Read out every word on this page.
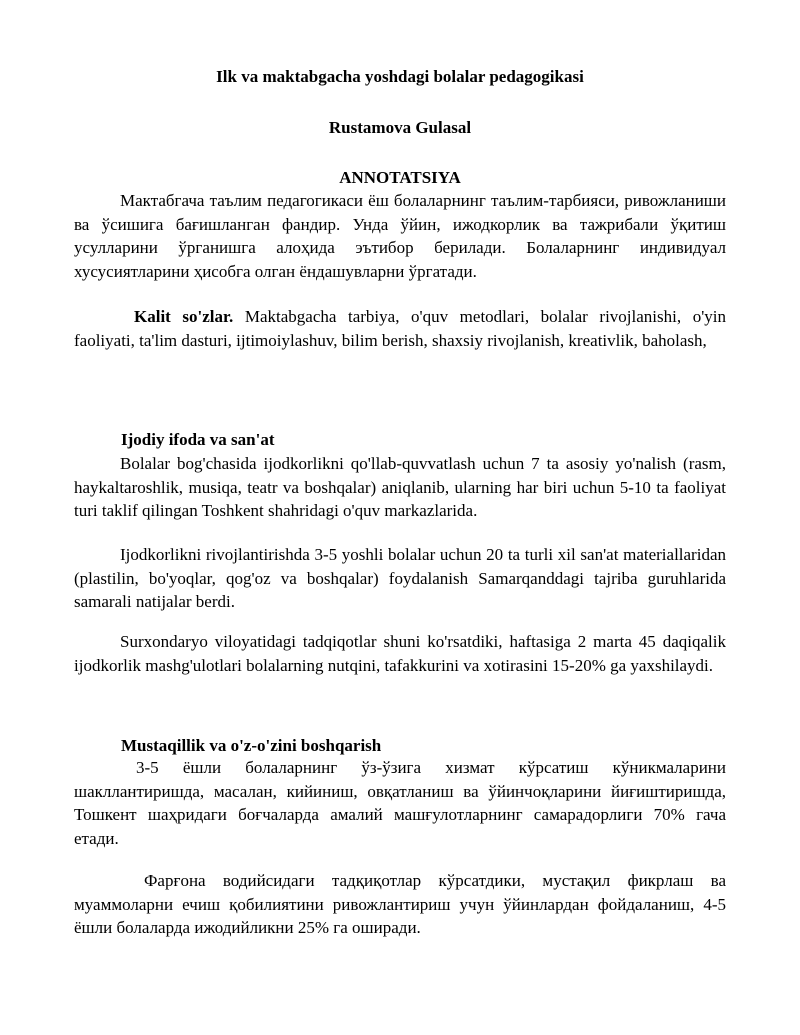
Ilk va maktabgacha yoshdagi bolalar pedagogikasi
Rustamova Gulasal
ANNOTATSIYA

Мактабгача таълим педагогикаси ёш болаларнинг таълим-тарбияси, ривожланиши ва ўсишига бағишланган фандир. Унда ўйин, ижодкорлик ва тажрибали ўқитиш усулларини ўрганишга алоҳида эътибор берилади. Болаларнинг индивидуал хусусиятларини ҳисобга олган ёндашувларни ўргатади.

Kalit so'zlar. Maktabgacha tarbiya, o'quv metodlari, bolalar rivojlanishi, o'yin faoliyati, ta'lim dasturi, ijtimoiylashuv, bilim berish, shaxsiy rivojlanish, kreativlik, baholash,

Ijodiy ifoda va san'at

Bolalar bog'chasida ijodkorlikni qo'llab-quvvatlash uchun 7 ta asosiy yo'nalish (rasm, haykaltaroshlik, musiqa, teatr va boshqalar) aniqlanib, ularning har biri uchun 5-10 ta faoliyat turi taklif qilingan Toshkent shahridagi o'quv markazlarida.

Ijodkorlikni rivojlantirishda 3-5 yoshli bolalar uchun 20 ta turli xil san'at materiallaridan (plastilin, bo'yoqlar, qog'oz va boshqalar) foydalanish Samarqanddagi tajriba guruhlarida samarali natijalar berdi.

Surxondaryo viloyatidagi tadqiqotlar shuni ko'rsatdiki, haftasiga 2 marta 45 daqiqalik ijodkorlik mashg'ulotlari bolalarning nutqini, tafakkurini va xotirasini 15-20% ga yaxshilaydi.

Mustaqillik va o'z-o'zini boshqarish

3-5 ёшли болаларнинг ўз-ўзига хизмат кўрсатиш кўникмаларини шакллантиришда, масалан, кийиниш, овқатланиш ва ўйинчоқларини йиғиштиришда, Тошкент шаҳридаги боғчаларда амалий машғулотларнинг самарадорлиги 70% гача етади.

Фарғона водийсидаги тадқиқотлар кўрсатдики, мустақил фикрлаш ва муаммоларни ечиш қобилиятини ривожлантириш учун ўйинлардан фойдаланиш, 4-5 ёшли болаларда ижодийликни 25% га оширади.
